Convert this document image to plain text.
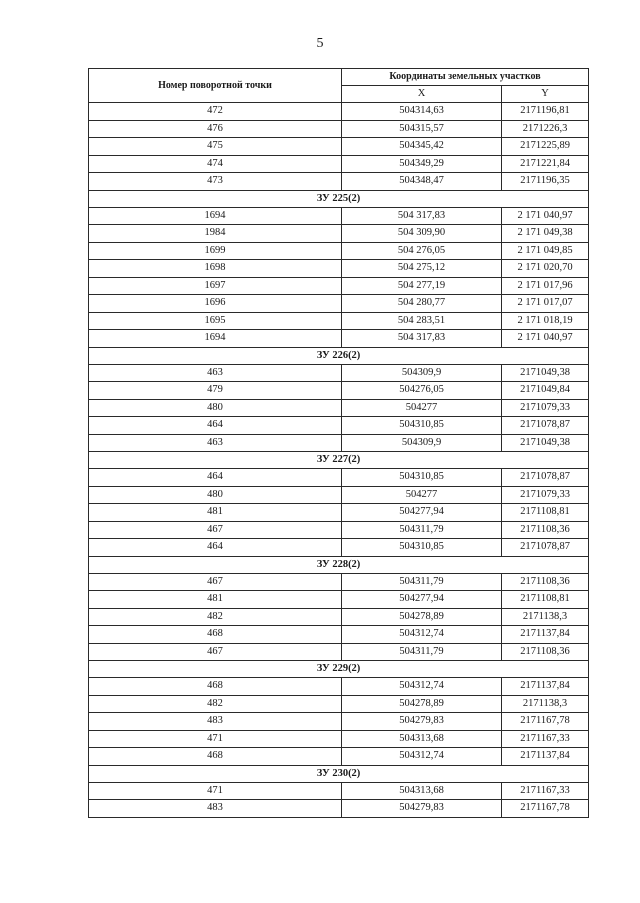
5
Номер поворотной точки	Координаты земельных участков	
	X	Y
472	504314,63	2171196,81
476	504315,57	2171226,3
475	504345,42	2171225,89
474	504349,29	2171221,84
473	504348,47	2171196,35
ЗУ 225(2)		
1694	504 317,83	2 171 040,97
1984	504 309,90	2 171 049,38
1699	504 276,05	2 171 049,85
1698	504 275,12	2 171 020,70
1697	504 277,19	2 171 017,96
1696	504 280,77	2 171 017,07
1695	504 283,51	2 171 018,19
1694	504 317,83	2 171 040,97
ЗУ 226(2)		
463	504309,9	2171049,38
479	504276,05	2171049,84
480	504277	2171079,33
464	504310,85	2171078,87
463	504309,9	2171049,38
ЗУ 227(2)		
464	504310,85	2171078,87
480	504277	2171079,33
481	504277,94	2171108,81
467	504311,79	2171108,36
464	504310,85	2171078,87
ЗУ 228(2)		
467	504311,79	2171108,36
481	504277,94	2171108,81
482	504278,89	2171138,3
468	504312,74	2171137,84
467	504311,79	2171108,36
ЗУ 229(2)		
468	504312,74	2171137,84
482	504278,89	2171138,3
483	504279,83	2171167,78
471	504313,68	2171167,33
468	504312,74	2171137,84
ЗУ 230(2)		
471	504313,68	2171167,33
483	504279,83	2171167,78
